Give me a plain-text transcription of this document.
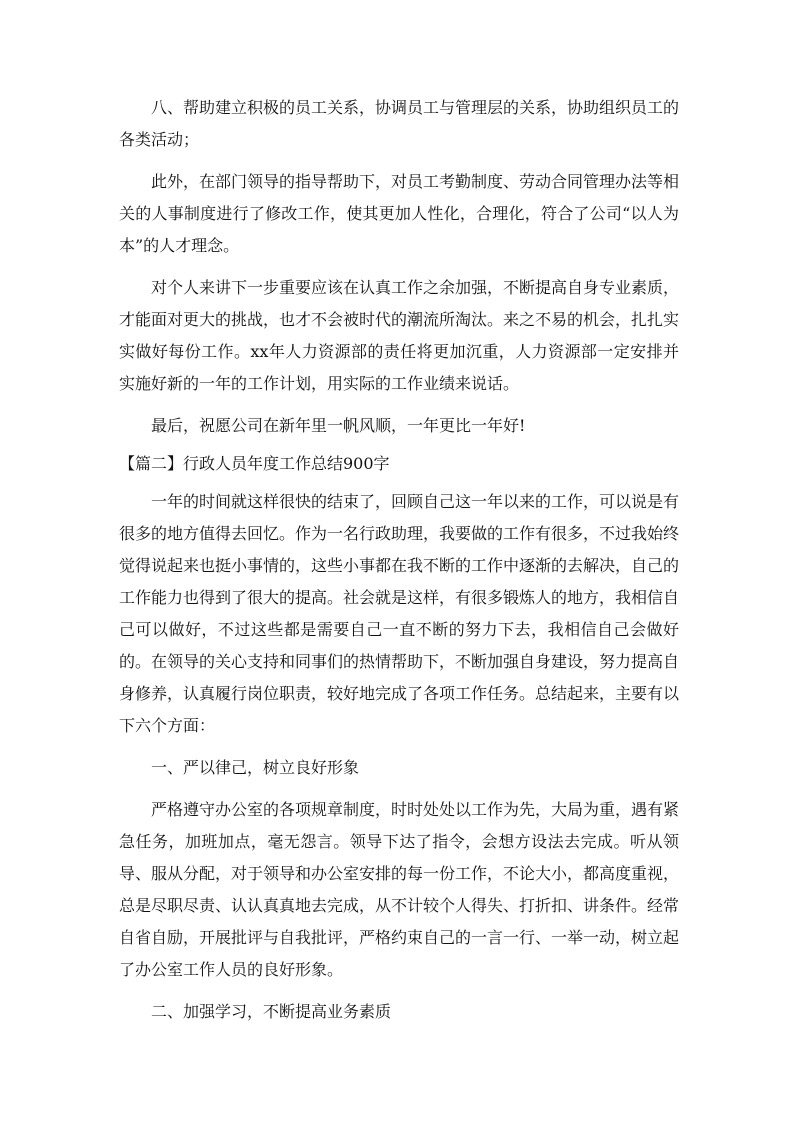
八、帮助建立积极的员工关系，协调员工与管理层的关系，协助组织员工的各类活动；

此外，在部门领导的指导帮助下，对员工考勤制度、劳动合同管理办法等相关的人事制度进行了修改工作，使其更加人性化，合理化，符合了公司“以人为本”的人才理念。

对个人来讲下一步重要应该在认真工作之余加强，不断提高自身专业素质，才能面对更大的挑战，也才不会被时代的潮流所淘汰。来之不易的机会，扎扎实实做好每份工作。xx年人力资源部的责任将更加沉重，人力资源部一定安排并实施好新的一年的工作计划，用实际的工作业绩来说话。

最后，祝愿公司在新年里一帆风顺，一年更比一年好!

【篇二】行政人员年度工作总结900字

一年的时间就这样很快的结束了，回顾自己这一年以来的工作，可以说是有很多的地方值得去回忆。作为一名行政助理，我要做的工作有很多，不过我始终觉得说起来也挺小事情的，这些小事都在我不断的工作中逐渐的去解决，自己的工作能力也得到了很大的提高。社会就是这样，有很多锻炼人的地方，我相信自己可以做好，不过这些都是需要自己一直不断的努力下去，我相信自己会做好的。在领导的关心支持和同事们的热情帮助下，不断加强自身建设，努力提高自身修养，认真履行岗位职责，较好地完成了各项工作任务。总结起来，主要有以下六个方面：

一、严以律己，树立良好形象

严格遵守办公室的各项规章制度，时时处处以工作为先，大局为重，遇有紧急任务，加班加点，毫无怨言。领导下达了指令，会想方设法去完成。听从领导、服从分配，对于领导和办公室安排的每一份工作，不论大小，都高度重视，总是尽职尽责、认认真真地去完成，从不计较个人得失、打折扣、讲条件。经常自省自励，开展批评与自我批评，严格约束自己的一言一行、一举一动，树立起了办公室工作人员的良好形象。

二、加强学习，不断提高业务素质
